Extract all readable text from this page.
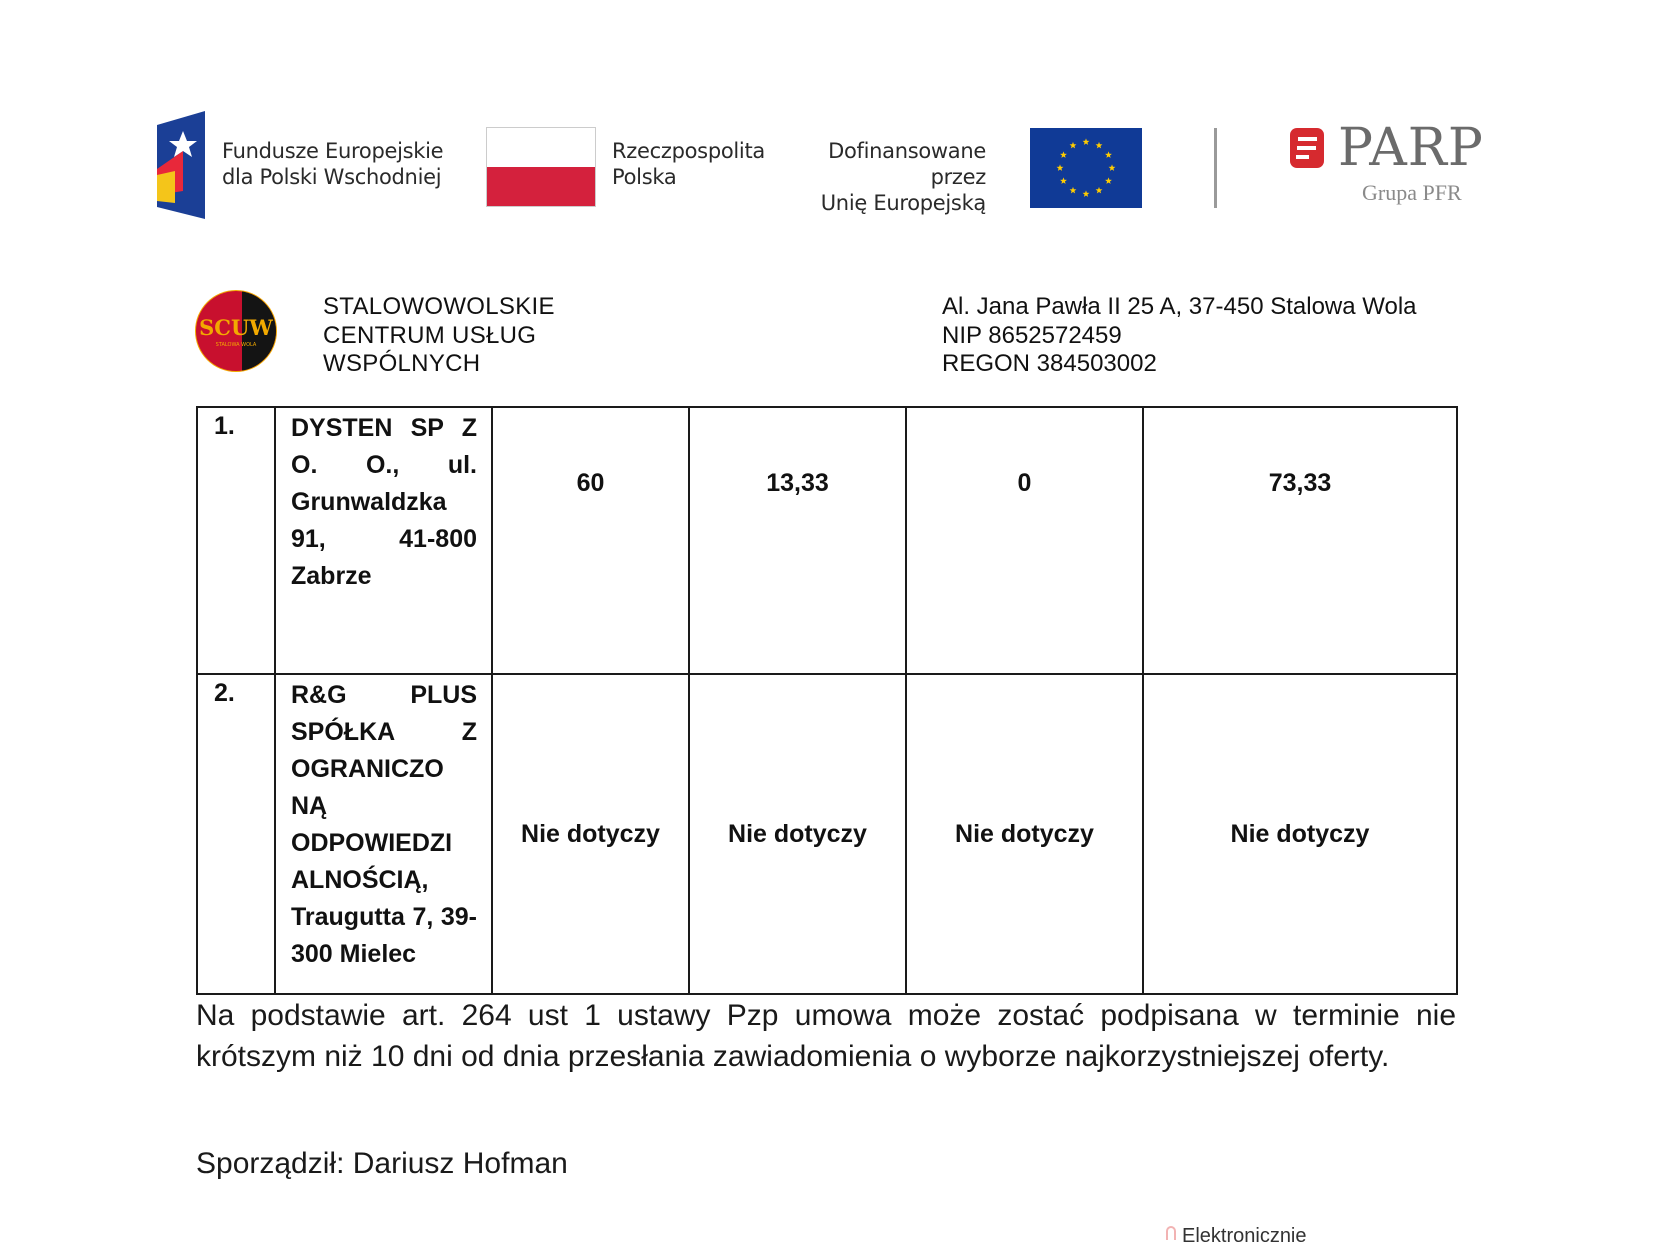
Fundusze Europejskie
dla Polski Wschodniej
Rzeczpospolita
Polska
Dofinansowane przez
Unię Europejską
PARP
Grupa PFR
SCUW
STALOWA WOLA
STALOWOWOLSKIE
CENTRUM USŁUG
WSPÓLNYCH
Al. Jana Pawła II 25 A, 37-450 Stalowa Wola
NIP 8652572459
REGON 384503002
1.	DYSTEN SP Z O. O., ul. Grunwaldzka 91, 41-800 Zabrze	60	13,33	0	73,33
2.	R&G PLUS SPÓŁKA Z OGRANICZO NĄ ODPOWIEDZI ALNOŚCIĄ, Traugutta 7, 39-300 Mielec	Nie dotyczy	Nie dotyczy	Nie dotyczy	Nie dotyczy

Na podstawie art. 264 ust 1 ustawy Pzp umowa może zostać podpisana w terminie nie krótszym niż 10 dni od dnia przesłania zawiadomienia o wyborze najkorzystniejszej oferty.

Sporządził: Dariusz Hofman

Elektronicznie
